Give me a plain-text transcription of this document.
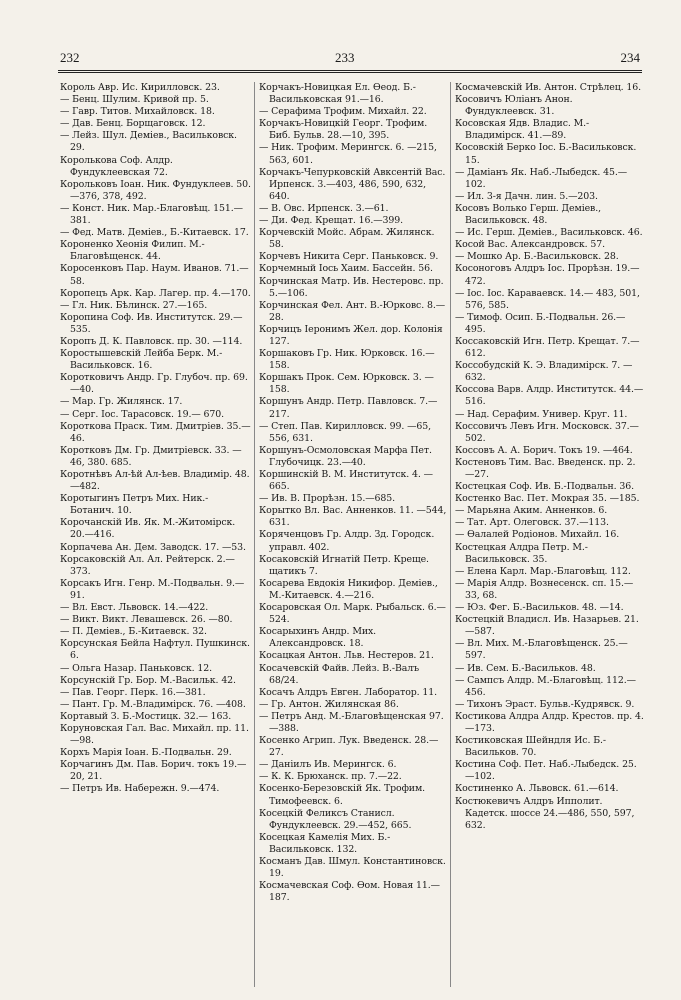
232	233	234

Король Авр. Ис. Кирилловск. 23.

— Бенц. Шулим. Кривой пр. 5.

— Гавр. Титов. Михайловск. 18.

— Дав. Бенц. Борщаговск. 12.

— Лейз. Шул. Демiев., Васильковск. 29.

Королькова Соф. Алдр. Фундуклеевская 72.

Корольковъ Іоан. Ник. Фундуклеев. 50.—376, 378, 492.

— Конст. Ник. Мар.-Благовѣщ. 151.—381.

— Фед. Матв. Демiев., Б.-Китаевск. 17.

Короненко Хеонія Филип. М.-Благовѣщенск. 44.

Коросенковъ Пар. Наум. Иванов. 71.—58.

Коропецъ Арк. Кар. Лагер. пр. 4.—170.

— Гл. Ник. Бѣлинск. 27.—165.

Коропина Соф. Ив. Институтск. 29.—535.

Коропъ Д. К. Павловск. пр. 30. —114.

Коростышевскій Лейба Берк. М.-Васильковск. 16.

Коротковичъ Андр. Гр. Глубоч. пр. 69.—40.

— Мар. Гр. Жилянск. 17.

— Серг. Іос. Тарасовск. 19.— 670.

Короткова Праск. Тим. Дмитріев. 35.—46.

Коротковъ Дм. Гр. Дмитріевск. 33. —46, 380. 685.

Коротнѣвъ Ал-ѣй Ал-ѣев. Владимір. 48.—482.

Коротыгинъ Петръ Мих. Ник.-Ботанич. 10.

Корочанскій Ив. Як. М.-Житомірск. 20.—416.

Корпачева Ан. Дем. Заводск. 17. —53.

Корсаковскій Ал. Ал. Рейтерск. 2.—373.

Корсакъ Игн. Генр. М.-Подвальн. 9.—91.

— Вл. Евст. Львовск. 14.—422.

— Викт. Викт. Левашевск. 26. —80.

— П. Демiев., Б.-Китаевск. 32.

Корсунская Бейла Нафтул. Пушкинск. 6.

— Ольга Назар. Паньковск. 12.

Корсунскій Гр. Бор. М.-Васильк. 42.

— Пав. Георг. Перк. 16.—381.

— Пант. Гр. М.-Владимірск. 76. —408.

Кортавый З. Б.-Мостицк. 32.— 163.

Коруновская Гал. Вас. Михайл. пр. 11.—98.

Корхъ Марія Іоан. Б.-Подвальн. 29.

Корчагинъ Дм. Пав. Борич. токъ 19.—20, 21.

— Петръ Ив. Набережн. 9.—474.

Корчакъ-Новицкая Ел. Өеод. Б.-Васильковская 91.—16.

— Серафима Трофим. Михайл. 22.

Корчакъ-Новицкій Георг. Трофим. Биб. Бульв. 28.—10, 395.

— Ник. Трофим. Мерингск. 6. —215, 563, 601.

Корчакъ-Чепурковскій Авксентій Вас. Ирпенск. 3.—403, 486, 590, 632, 640.

— В. Овс. Ирпенск. 3.—61.

— Ди. Фед. Крещат. 16.—399.

Корчевскій Мойс. Абрам. Жилянск. 58.

Корчевъ Никита Серг. Паньковск. 9.

Корчемный Іось Хаим. Бассейн. 56.

Корчинская Матр. Ив. Нестеровс. пр. 5.—106.

Корчинская Фел. Ант. В.-Юрковс. 8.—28.

Корчицъ Іеронимъ Жел. дор. Колонія 127.

Коршаковъ Гр. Ник. Юрковск. 16.—158.

Коршакъ Прок. Сем. Юрковск. 3. —158.

Коршунъ Андр. Петр. Павловск. 7.—217.

— Степ. Пав. Кирилловск. 99. —65, 556, 631.

Коршунъ-Осмоловская Марфа Пет. Глубочицк. 23.—40.

Коршинскій В. М. Институтск. 4. —665.

— Ив. В. Прорѣзн. 15.—685.

Корытко Вл. Вас. Анненков. 11. —544, 631.

Коряченцовъ Гр. Алдр. Зд. Городск. управл. 402.

Косаковскій Игнатій Петр. Креще. щатикъ 7.

Косарева Евдокія Никифор. Демiев., М.-Китаевск. 4.—216.

Косаровская Ол. Марк. Рыбальск. 6.—524.

Косарыхинъ Андр. Мих. Александровск. 18.

Косацкая Антон. Льв. Нестеров. 21.

Косачевскій Файв. Лейз. В.-Валъ 68/24.

Косачъ Алдръ Евген. Лаборатор. 11.

— Гр. Антон. Жилянская 86.

— Петръ Анд. М.-Благовѣщенская 97.—388.

Косенко Агрип. Лук. Введенск. 28.—27.

— Даніилъ Ив. Мерингск. 6.

— К. К. Брюханск. пр. 7.—22.

Косенко-Березовскій Як. Трофим. Тимофеевск. 6.

Косецкій Феликсъ Станисл. Фундуклеевск. 29.—452, 665.

Косецкая Камелія Мих. Б.-Васильковск. 132.

Косманъ Дав. Шмул. Константиновск. 19.

Космачевская Соф. Өом. Новая 11.—187.

Космачевскій Ив. Антон. Стрѣлец. 16.

Косовичъ Юліанъ Анон. Фундуклеевск. 31.

Косовская Ядв. Владис. М.-Владимірск. 41.—89.

Косовскій Берко Іос. Б.-Васильковск. 15.

— Даміанъ Як. Наб.-Лыбедск. 45.—102.

— Ил. 3-я Дачн. лин. 5.—203.

Косовъ Волько Герш. Демiев., Васильковск. 48.

— Ис. Герш. Демiев., Васильковск. 46.

Косой Вас. Александровск. 57.

— Мошко Ар. Б.-Васильковск. 28.

Косоноговъ Алдръ Іос. Прорѣзн. 19.—472.

— Іос. Іос. Караваевск. 14.— 483, 501, 576, 585.

— Тимоф. Осип. Б.-Подвальн. 26.—495.

Коссаковскій Игн. Петр. Крещат. 7.—612.

Коссобудскій К. Э. Владимірск. 7. —632.

Коссова Варв. Алдр. Институтск. 44.—516.

— Над. Серафим. Универ. Круг. 11.

Коссовичъ Левъ Игн. Московск. 37.—502.

Коссовъ А. А. Борич. Токъ 19. —464.

Костеновъ Тим. Вас. Введенск. пр. 2.—27.

Костецкая Соф. Ив. Б.-Подвальн. 36.

Костенко Вас. Пет. Мокрая 35. —185.

— Марьяна Аким. Анненков. 6.

— Тат. Арт. Олеговск. 37.—113.

— Өалалей Родіонов. Михайл. 16.

Костецкая Алдра Петр. М.-Васильковск. 35.

— Елена Карл. Мар.-Благовѣщ. 112.

— Марія Алдр. Вознесенск. сп. 15.—33, 68.

— Юз. Фег. Б.-Васильков. 48. —14.

Костецкій Владисл. Ив. Назарьев. 21.—587.

— Вл. Мих. М.-Благовѣщенск. 25.—597.

— Ив. Сем. Б.-Васильков. 48.

— Сампсъ Алдр. М.-Благовѣщ. 112.—456.

— Тихонъ Эраст. Бульв.-Кудрявск. 9.

Костикова Алдра Алдр. Крестов. пр. 4.—173.

Костиковская Шейндля Ис. Б.-Васильков. 70.

Костина Соф. Пет. Наб.-Лыбедск. 25.—102.

Костиненко А. Львовск. 61.—614.

Костюкевичъ Алдръ Ипполит. Кадетск. шоссе 24.—486, 550, 597, 632.
